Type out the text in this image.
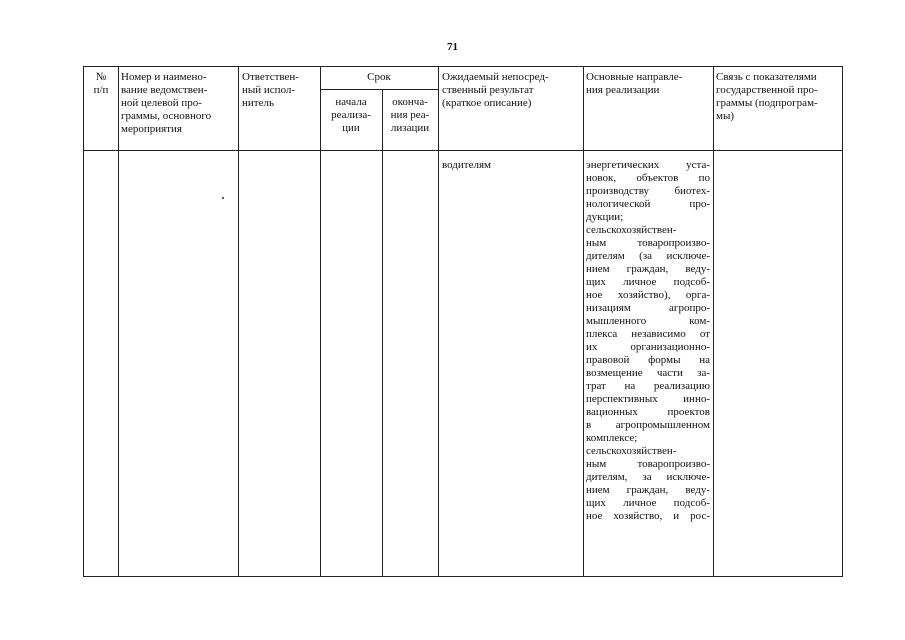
71
№
п/п
Номер и наимено-
вание ведомствен-
ной целевой про-
граммы, основного
мероприятия
Ответствен-
ный испол-
нитель
Срок
начала
реализа-
ции
оконча-
ния реа-
лизации
Ожидаемый непосред-
ственный результат
(краткое описание)
Основные направле-
ния реализации
Связь с показателями
государственной про-
граммы (подпрограм-
мы)
водителям	энергетических уста-

новок, объектов по

производству биотех-

нологической про-

дукции;

сельскохозяйствен-

ным товаропроизво-

дителям (за исключе-

нием граждан, веду-

щих личное подсоб-

ное хозяйство), орга-

низациям агропро-

мышленного ком-

плекса независимо от

их организационно-

правовой формы на

возмещение части за-

трат на реализацию

перспективных инно-

вационных проектов

в агропромышленном

комплексе;

сельскохозяйствен-

ным товаропроизво-

дителям, за исключе-

нием граждан, веду-

щих личное подсоб-

ное хозяйство, и рос-
